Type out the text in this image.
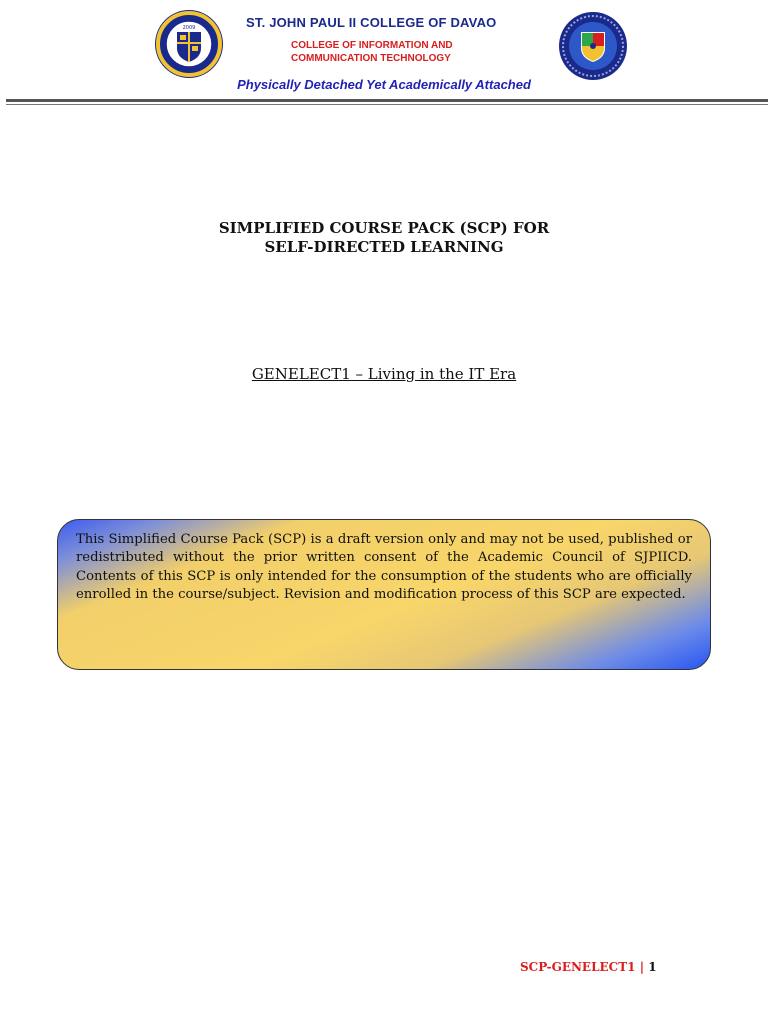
2009	ST. JOHN PAUL II COLLEGE OF DAVAO
COLLEGE OF INFORMATION AND
COMMUNICATION TECHNOLOGY
Physically Detached Yet Academically Attached
SIMPLIFIED COURSE PACK (SCP) FOR
SELF-DIRECTED LEARNING
GENELECT1 – Living in the IT Era
This Simplified Course Pack (SCP) is a draft version only and may not be used, published or redistributed without the prior written consent of the Academic Council of SJPIICD. Contents of this SCP is only intended for the consumption of the students who are officially enrolled in the course/subject. Revision and modification process of this SCP are expected.
SCP-GENELECT1 | 1
